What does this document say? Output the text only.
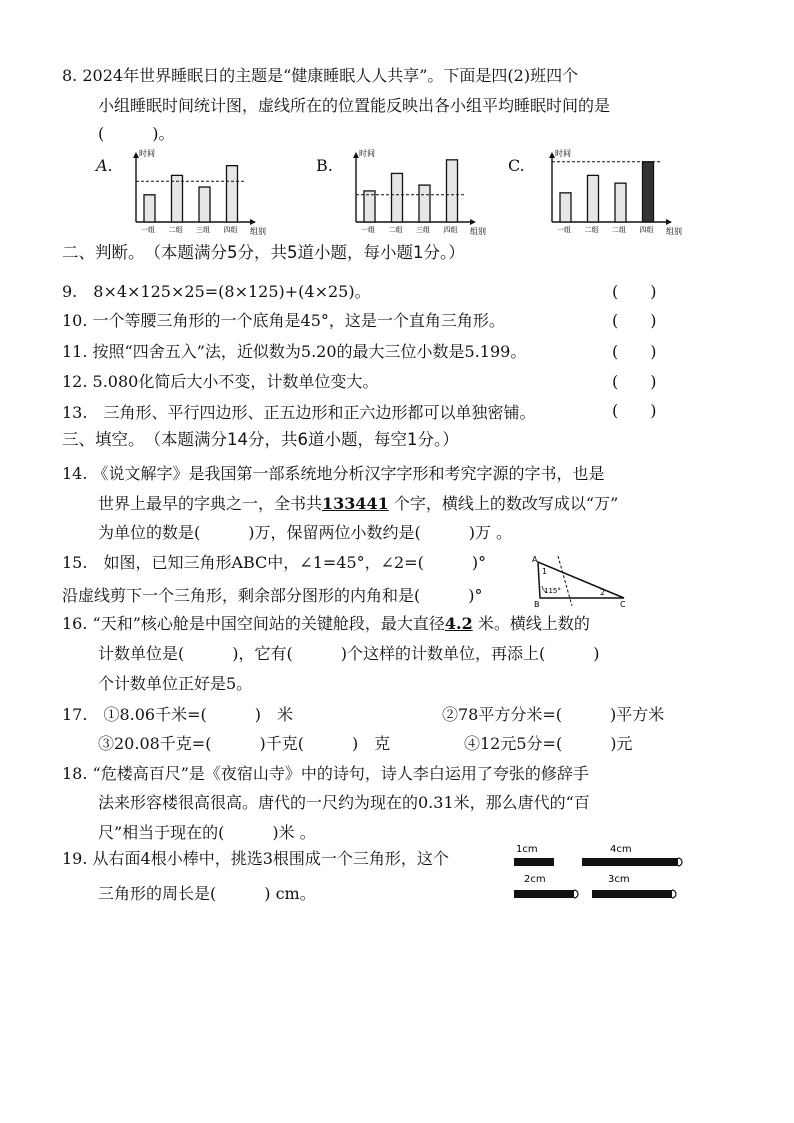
8. 2024年世界睡眠日的主题是“健康睡眠人人共享”。下面是四(2)班四个
小组睡眠时间统计图，虚线所在的位置能反映出各小组平均睡眠时间的是
(　　　)。
A.
时间
组别
一组 二组 三组 四组
B.
时间
组别
一组 二组 三组 四组
C.
时间
组别
一组 二组 二组 四组
二、判断。　（本题满分5分，共5道小题，每小题1分。）
9.　8×4×125×25=(8×125)+(4×25)。	(　　)
10. 一个等腰三角形的一个底角是45°，这是一个直角三角形。	(　　)
11. 按照“四舍五入”法，近似数为5.20的最大三位小数是5.199。	(　　)
12. 5.080化简后大小不变，计数单位变大。	(　　)
13.　三角形、平行四边形、正五边形和正六边形都可以单独密铺。	(　　)
三、填空。　（本题满分14分，共6道小题，每空1分。）
14. 《说文解字》是我国第一部系统地分析汉字字形和考究字源的字书，也是
世界上最早的字典之一，全书共133441 个字，横线上的数改写成以“万”
为单位的数是(　　　)万，保留两位小数约是(　　　)万 。
15.　如图，已知三角形ABC中，∠1=45°，∠2=(　　　)°
沿虚线剪下一个三角形，剩余部分图形的内角和是(　　　)°
A
B	C
1
2
115°
16. “天和”核心舱是中国空间站的关键舱段，最大直径4.2 米。横线上数的
计数单位是(　　　)，它有(　　　)个这样的计数单位，再添上(　　　)
个计数单位正好是5。
17.　①8.06千米=(　　　)　米	②78平方分米=(　　　)平方米
③20.08千克=(　　　)千克(　　　)　克	④12元5分=(　　　)元
18. “危楼高百尺”是《夜宿山寺》中的诗句，诗人李白运用了夸张的修辞手
法来形容楼很高很高。唐代的一尺约为现在的0.31米，那么唐代的“百
尺”相当于现在的(　　　)米 。
19. 从右面4根小棒中，挑选3根围成一个三角形，这个
三角形的周长是(　　　) cm。
1cm	4cm
2cm	3cm
